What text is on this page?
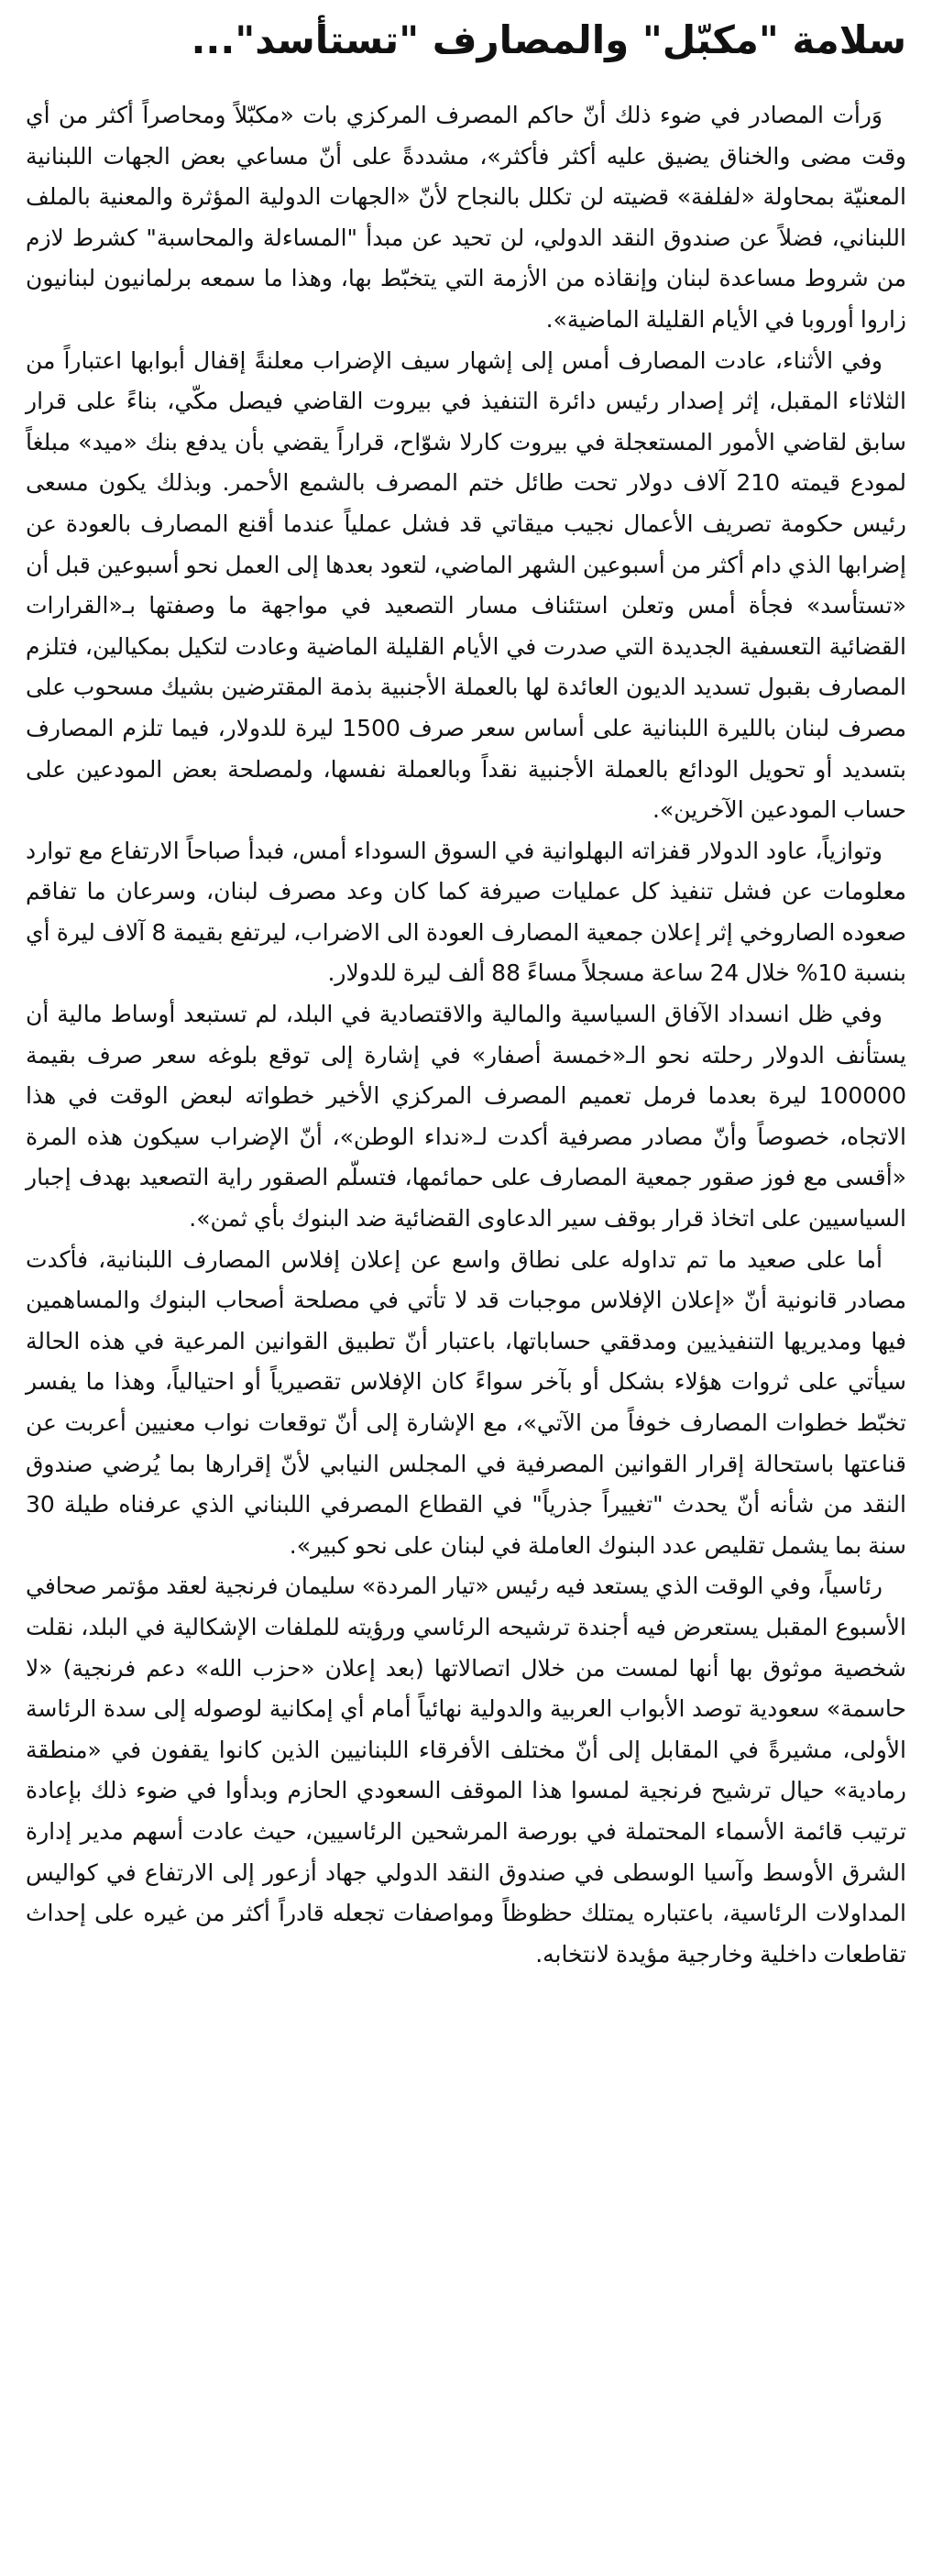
سلامة "مكبّل" والمصارف "تستأسد"...

وَرأت المصادر في ضوء ذلك أنّ حاكم المصرف المركزي بات «مكبّلاً ومحاصراً أكثر من أي وقت مضى والخناق يضيق عليه أكثر فأكثر»، مشددةً على أنّ مساعي بعض الجهات اللبنانية المعنيّة بمحاولة «لفلفة» قضيته لن تكلل بالنجاح لأنّ «الجهات الدولية المؤثرة والمعنية بالملف اللبناني، فضلاً عن صندوق النقد الدولي، لن تحيد عن مبدأ "المساءلة والمحاسبة" كشرط لازم من شروط مساعدة لبنان وإنقاذه من الأزمة التي يتخبّط بها، وهذا ما سمعه برلمانيون لبنانيون زاروا أوروبا في الأيام القليلة الماضية».

وفي الأثناء، عادت المصارف أمس إلى إشهار سيف الإضراب معلنةً إقفال أبوابها اعتباراً من الثلاثاء المقبل، إثر إصدار رئيس دائرة التنفيذ في بيروت القاضي فيصل مكّي، بناءً على قرار سابق لقاضي الأمور المستعجلة في بيروت كارلا شوّاح، قراراً يقضي بأن يدفع بنك «ميد» مبلغاً لمودع قيمته 210 آلاف دولار تحت طائل ختم المصرف بالشمع الأحمر. وبذلك يكون مسعى رئيس حكومة تصريف الأعمال نجيب ميقاتي قد فشل عملياً عندما أقنع المصارف بالعودة عن إضرابها الذي دام أكثر من أسبوعين الشهر الماضي، لتعود بعدها إلى العمل نحو أسبوعين قبل أن «تستأسد» فجأة أمس وتعلن استئناف مسار التصعيد في مواجهة ما وصفتها بـ«القرارات القضائية التعسفية الجديدة التي صدرت في الأيام القليلة الماضية وعادت لتكيل بمكيالين، فتلزم المصارف بقبول تسديد الديون العائدة لها بالعملة الأجنبية بذمة المقترضين بشيك مسحوب على مصرف لبنان بالليرة اللبنانية على أساس سعر صرف 1500 ليرة للدولار، فيما تلزم المصارف بتسديد أو تحويل الودائع بالعملة الأجنبية نقداً وبالعملة نفسها، ولمصلحة بعض المودعين على حساب المودعين الآخرين».

وتوازياً، عاود الدولار قفزاته البهلوانية في السوق السوداء أمس، فبدأ صباحاً الارتفاع مع توارد معلومات عن فشل تنفيذ كل عمليات صيرفة كما كان وعد مصرف لبنان، وسرعان ما تفاقم صعوده الصاروخي إثر إعلان جمعية المصارف العودة الى الاضراب، ليرتفع بقيمة 8 آلاف ليرة أي بنسبة 10% خلال 24 ساعة مسجلاً مساءً 88 ألف ليرة للدولار.

وفي ظل انسداد الآفاق السياسية والمالية والاقتصادية في البلد، لم تستبعد أوساط مالية أن يستأنف الدولار رحلته نحو الـ«خمسة أصفار» في إشارة إلى توقع بلوغه سعر صرف بقيمة 100000 ليرة بعدما فرمل تعميم المصرف المركزي الأخير خطواته لبعض الوقت في هذا الاتجاه، خصوصاً وأنّ مصادر مصرفية أكدت لـ«نداء الوطن»، أنّ الإضراب سيكون هذه المرة «أقسى مع فوز صقور جمعية المصارف على حمائمها، فتسلّم الصقور راية التصعيد بهدف إجبار السياسيين على اتخاذ قرار بوقف سير الدعاوى القضائية ضد البنوك بأي ثمن».

أما على صعيد ما تم تداوله على نطاق واسع عن إعلان إفلاس المصارف اللبنانية، فأكدت مصادر قانونية أنّ «إعلان الإفلاس موجبات قد لا تأتي في مصلحة أصحاب البنوك والمساهمين فيها ومديريها التنفيذيين ومدققي حساباتها، باعتبار أنّ تطبيق القوانين المرعية في هذه الحالة سيأتي على ثروات هؤلاء بشكل أو بآخر سواءً كان الإفلاس تقصيرياً أو احتيالياً، وهذا ما يفسر تخبّط خطوات المصارف خوفاً من الآتي»، مع الإشارة إلى أنّ توقعات نواب معنيين أعربت عن قناعتها باستحالة إقرار القوانين المصرفية في المجلس النيابي لأنّ إقرارها بما يُرضي صندوق النقد من شأنه أنّ يحدث "تغييراً جذرياً" في القطاع المصرفي اللبناني الذي عرفناه طيلة 30 سنة بما يشمل تقليص عدد البنوك العاملة في لبنان على نحو كبير».

رئاسياً، وفي الوقت الذي يستعد فيه رئيس «تيار المردة» سليمان فرنجية لعقد مؤتمر صحافي الأسبوع المقبل يستعرض فيه أجندة ترشيحه الرئاسي ورؤيته للملفات الإشكالية في البلد، نقلت شخصية موثوق بها أنها لمست من خلال اتصالاتها (بعد إعلان «حزب الله» دعم فرنجية) «لا حاسمة» سعودية توصد الأبواب العربية والدولية نهائياً أمام أي إمكانية لوصوله إلى سدة الرئاسة الأولى، مشيرةً في المقابل إلى أنّ مختلف الأفرقاء اللبنانيين الذين كانوا يقفون في «منطقة رمادية» حيال ترشيح فرنجية لمسوا هذا الموقف السعودي الحازم وبدأوا في ضوء ذلك بإعادة ترتيب قائمة الأسماء المحتملة في بورصة المرشحين الرئاسيين، حيث عادت أسهم مدير إدارة الشرق الأوسط وآسيا الوسطى في صندوق النقد الدولي جهاد أزعور إلى الارتفاع في كواليس المداولات الرئاسية، باعتباره يمتلك حظوظاً ومواصفات تجعله قادراً أكثر من غيره على إحداث تقاطعات داخلية وخارجية مؤيدة لانتخابه.
